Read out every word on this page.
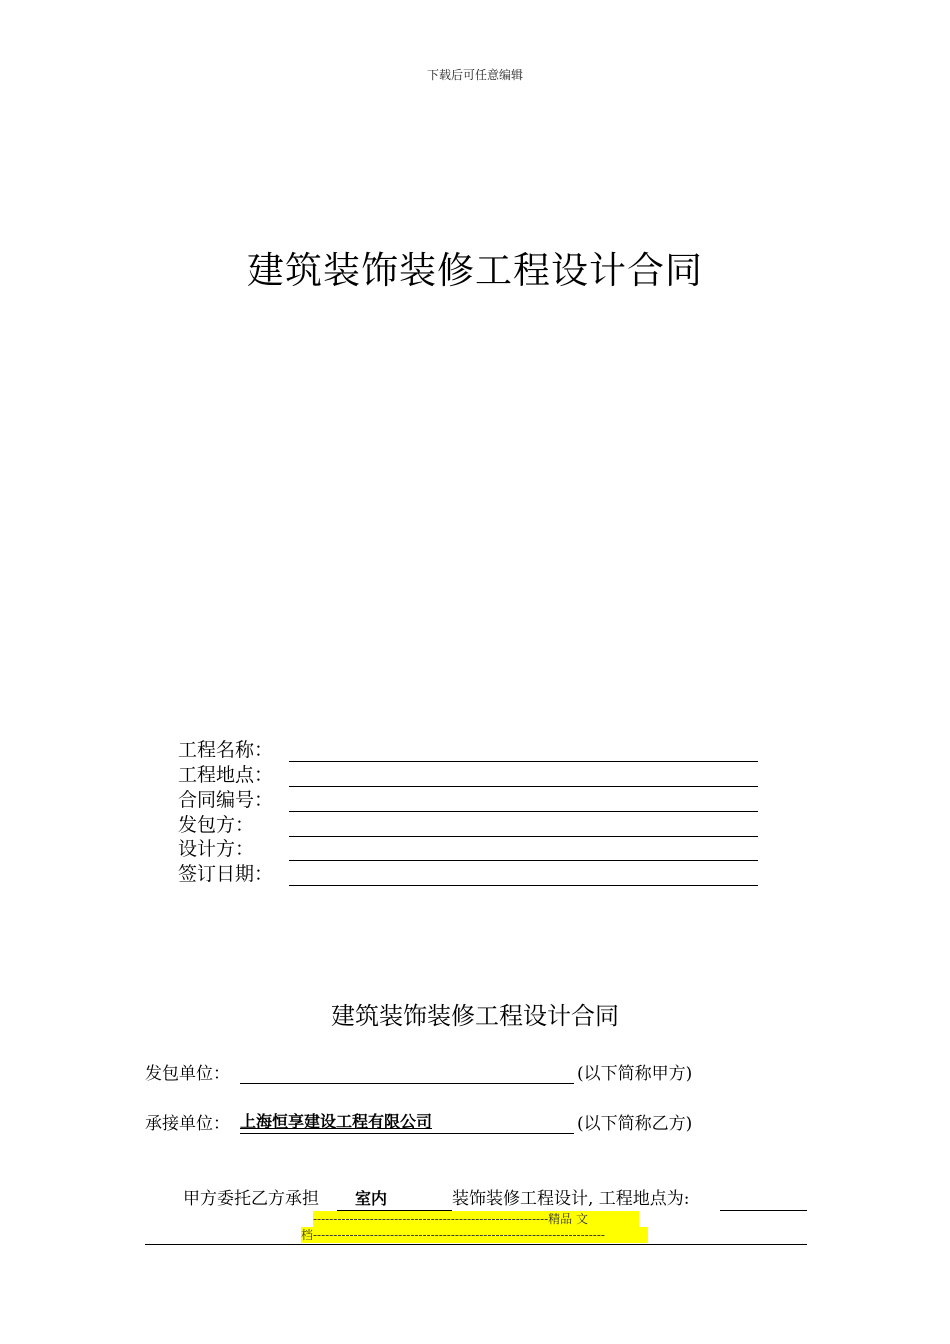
下载后可任意编辑
建筑装饰装修工程设计合同
工程名称：
工程地点：
合同编号：
发包方：
设计方：
签订日期：
建筑装饰装修工程设计合同
发包单位：	(以下简称甲方)
承接单位： 上海恒享建设工程有限公司	(以下简称乙方)
甲方委托乙方承担 室内	装饰装修工程设计, 工程地点为:
----------------------------------------------------------精品 文
档------------------------------------------------------------------------
